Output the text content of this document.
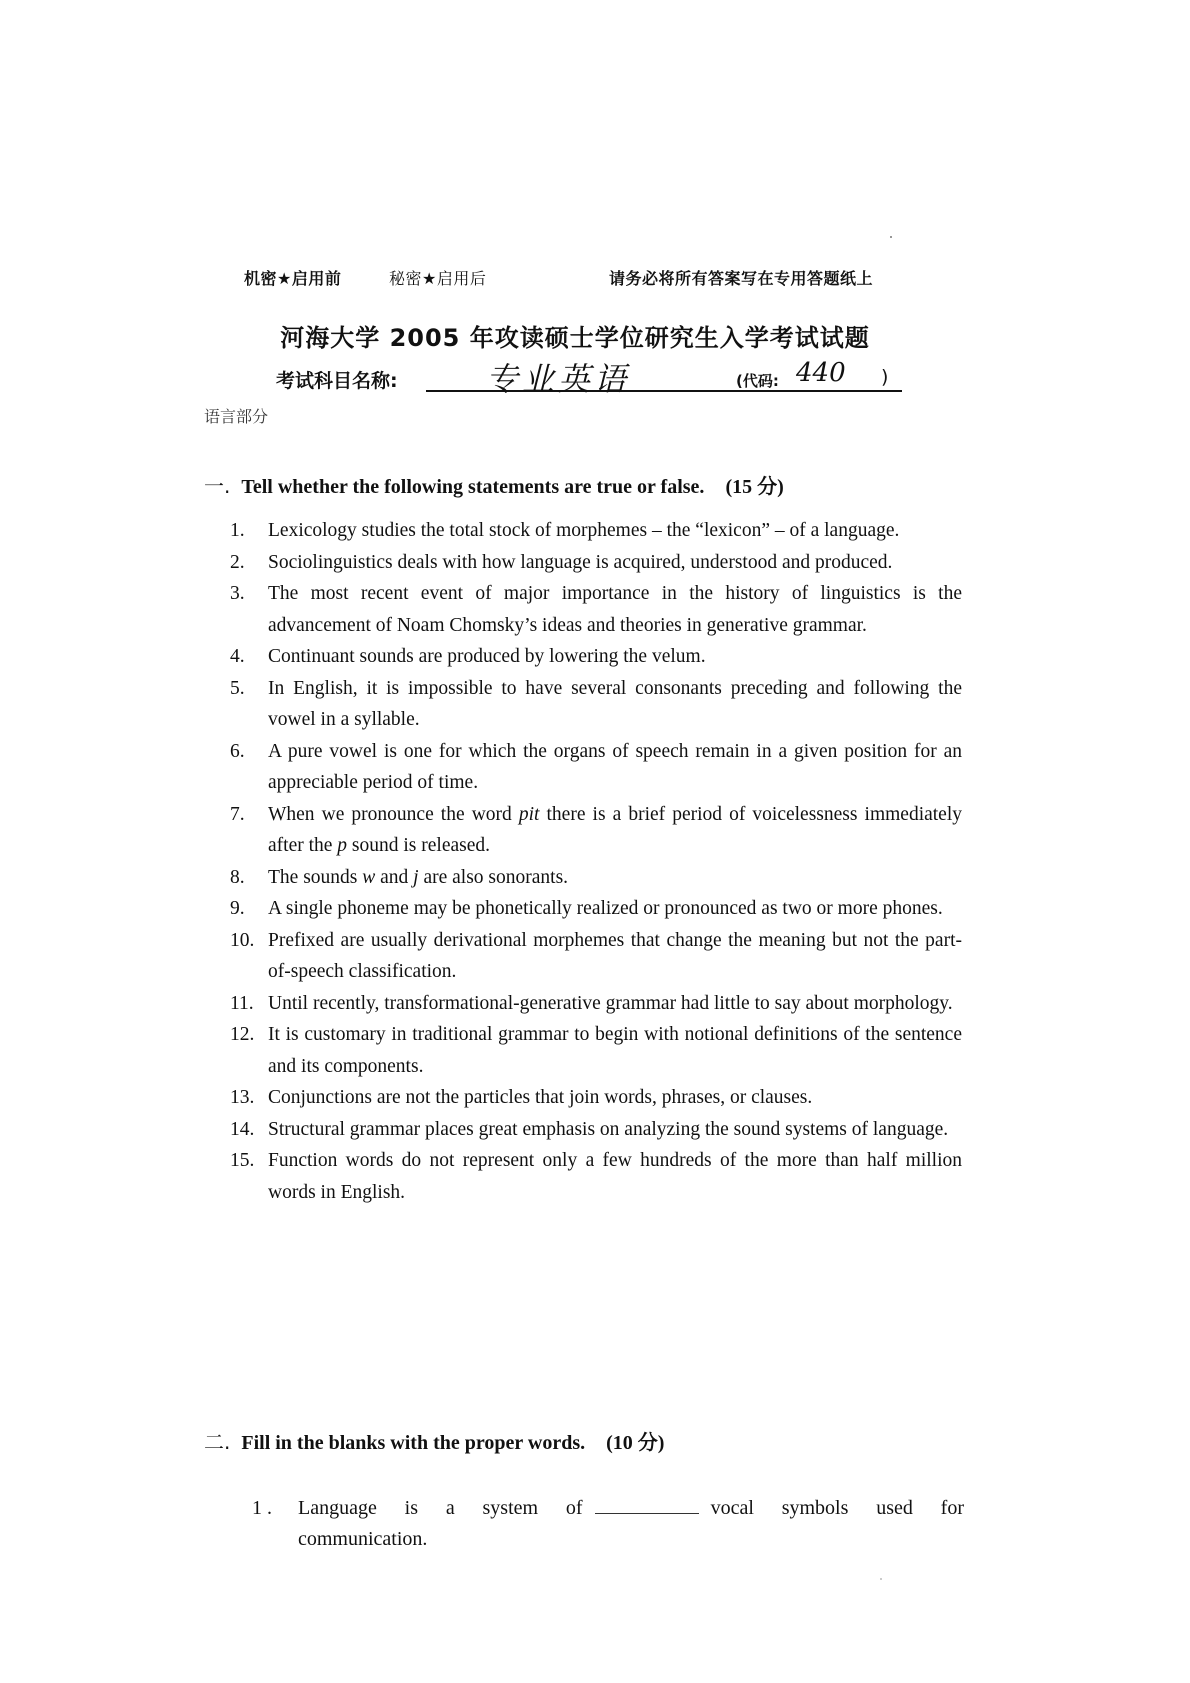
机密★启用前	秘密★启用后	请务必将所有答案写在专用答题纸上
河海大学 2005 年攻读硕士学位研究生入学考试试题
考试科目名称:	专业英语	(代码: 440 )
语言部分
一. Tell whether the following statements are true or false. (15 分)
1.	Lexicology studies the total stock of morphemes – the “lexicon” – of a language.
2.	Sociolinguistics deals with how language is acquired, understood and produced.
3.	The most recent event of major importance in the history of linguistics is the advancement of Noam Chomsky’s ideas and theories in generative grammar.
4.	Continuant sounds are produced by lowering the velum.
5.	In English, it is impossible to have several consonants preceding and following the vowel in a syllable.
6.	A pure vowel is one for which the organs of speech remain in a given position for an appreciable period of time.
7.	When we pronounce the word pit there is a brief period of voicelessness immediately after the p sound is released.
8.	The sounds w and j are also sonorants.
9.	A single phoneme may be phonetically realized or pronounced as two or more phones.
10. Prefixed are usually derivational morphemes that change the meaning but not the part-of-speech classification.
11. Until recently, transformational-generative grammar had little to say about morphology.
12. It is customary in traditional grammar to begin with notional definitions of the sentence and its components.
13. Conjunctions are not the particles that join words, phrases, or clauses.
14. Structural grammar places great emphasis on analyzing the sound systems of language.
15. Function words do not represent only a few hundreds of the more than half million words in English.
二. Fill in the blanks with the proper words. (10 分)
1 .	Language is a system of	vocal symbols used for communication.
